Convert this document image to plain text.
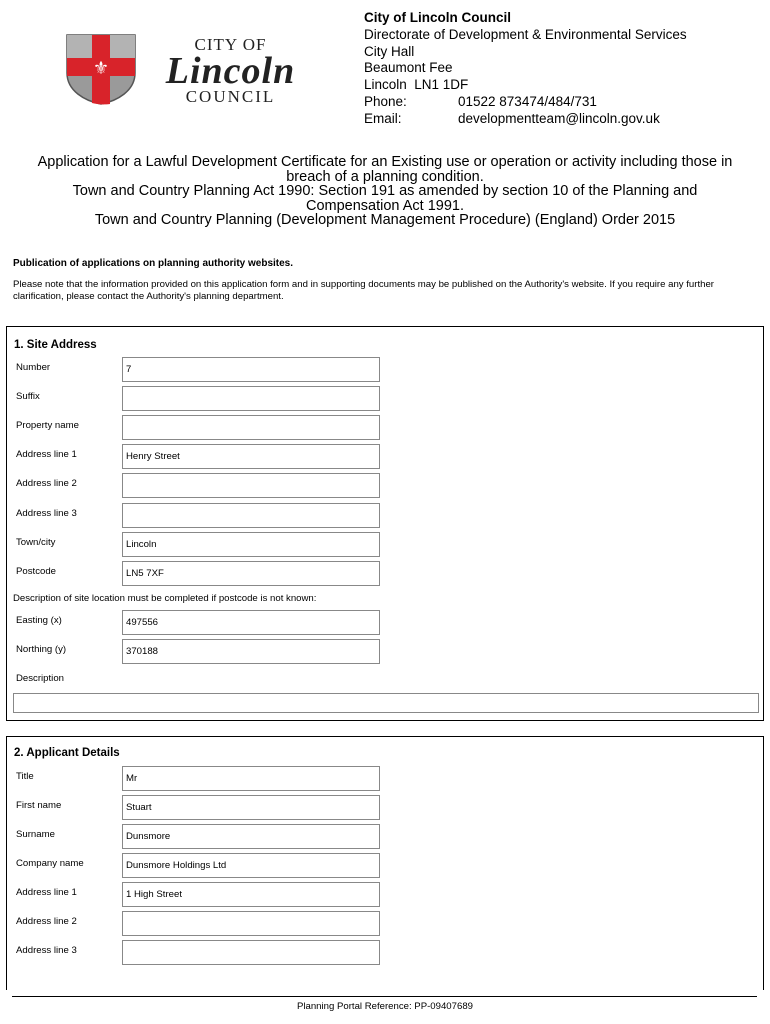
⚜
CITY OF
Lincoln
COUNCIL
City of Lincoln Council
Directorate of Development & Environmental Services
City Hall
Beaumont Fee
Lincoln  LN1 1DF
Phone:	01522 873474/484/731
Email:	developmentteam@lincoln.gov.uk
Application for a Lawful Development Certificate for an Existing use or operation or activity including those in
breach of a planning condition.
Town and Country Planning Act 1990: Section 191 as amended by section 10 of the Planning and
Compensation Act 1991.
Town and Country Planning (Development Management Procedure) (England) Order 2015
Publication of applications on planning authority websites.
Please note that the information provided on this application form and in supporting documents may be published on the Authority's website. If you require any further clarification, please contact the Authority's planning department.
1. Site Address
Number	7
Suffix
Property name
Address line 1	Henry Street
Address line 2
Address line 3
Town/city	Lincoln
Postcode	LN5 7XF
Description of site location must be completed if postcode is not known:
Easting (x)	497556
Northing (y)	370188
Description
2. Applicant Details
Title	Mr
First name	Stuart
Surname	Dunsmore
Company name	Dunsmore Holdings Ltd
Address line 1	1 High Street
Address line 2
Address line 3
Planning Portal Reference: PP-09407689
